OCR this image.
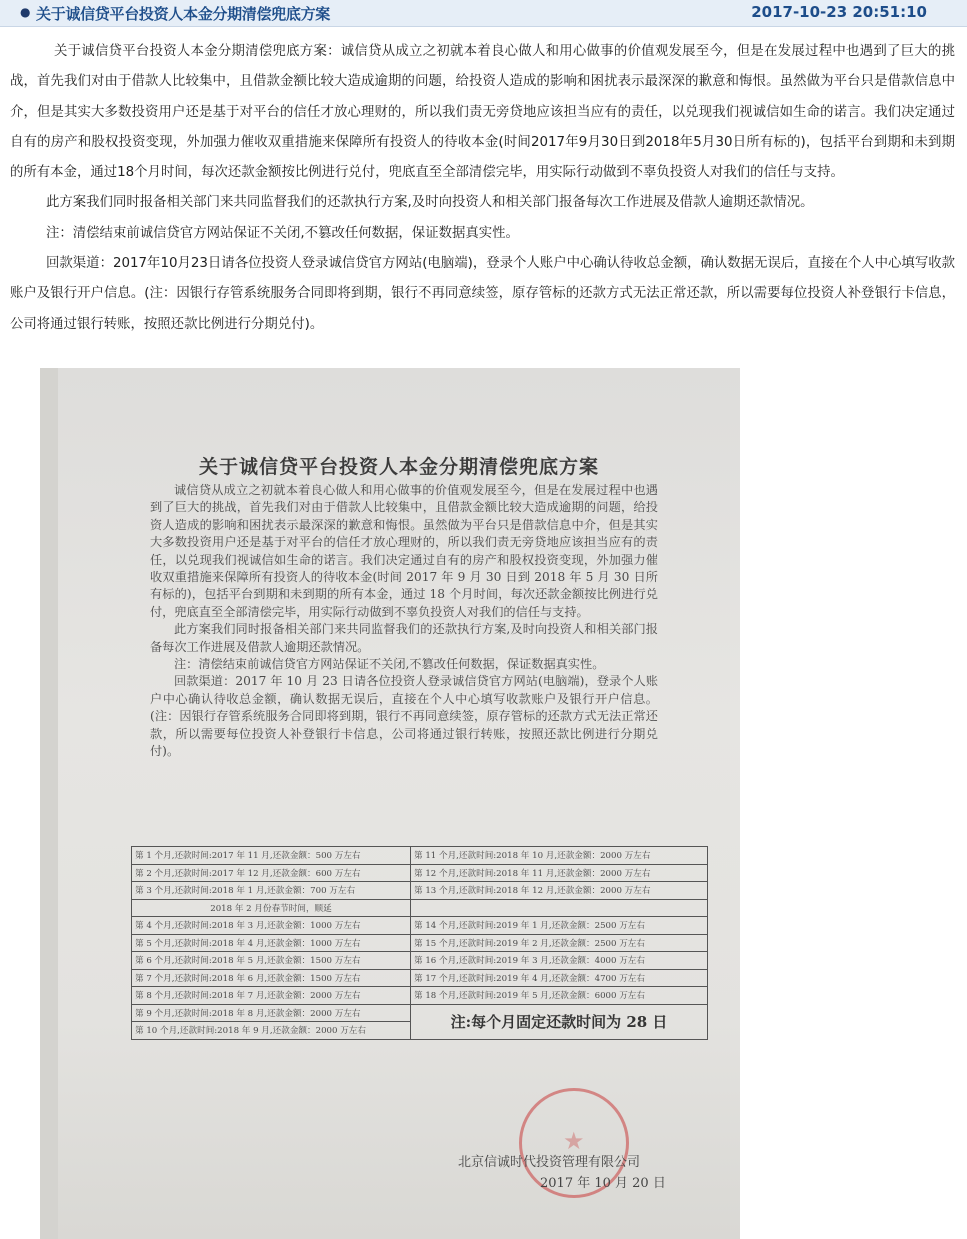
● 关于诚信贷平台投资人本金分期清偿兜底方案	2017-10-23 20:51:10

关于诚信贷平台投资人本金分期清偿兜底方案：诚信贷从成立之初就本着良心做人和用心做事的价值观发展至今，但是在发展过程中也遇到了巨大的挑战，首先我们对由于借款人比较集中，且借款金额比较大造成逾期的问题，给投资人造成的影响和困扰表示最深深的歉意和悔恨。虽然做为平台只是借款信息中介，但是其实大多数投资用户还是基于对平台的信任才放心理财的，所以我们责无旁贷地应该担当应有的责任，以兑现我们视诚信如生命的诺言。我们决定通过自有的房产和股权投资变现，外加强力催收双重措施来保障所有投资人的待收本金(时间2017年9月30日到2018年5月30日所有标的)，包括平台到期和未到期的所有本金，通过18个月时间，每次还款金额按比例进行兑付，兜底直至全部清偿完毕，用实际行动做到不辜负投资人对我们的信任与支持。

此方案我们同时报备相关部门来共同监督我们的还款执行方案,及时向投资人和相关部门报备每次工作进展及借款人逾期还款情况。

注：清偿结束前诚信贷官方网站保证不关闭,不篡改任何数据，保证数据真实性。

回款渠道：2017年10月23日请各位投资人登录诚信贷官方网站(电脑端)，登录个人账户中心确认待收总金额，确认数据无误后，直接在个人中心填写收款账户及银行开户信息。(注：因银行存管系统服务合同即将到期，银行不再同意续签，原存管标的还款方式无法正常还款，所以需要每位投资人补登银行卡信息，公司将通过银行转账，按照还款比例进行分期兑付)。

关于诚信贷平台投资人本金分期清偿兜底方案

诚信贷从成立之初就本着良心做人和用心做事的价值观发展至今，但是在发展过程中也遇到了巨大的挑战，首先我们对由于借款人比较集中，且借款金额比较大造成逾期的问题，给投资人造成的影响和困扰表示最深深的歉意和悔恨。虽然做为平台只是借款信息中介，但是其实大多数投资用户还是基于对平台的信任才放心理财的，所以我们责无旁贷地应该担当应有的责任，以兑现我们视诚信如生命的诺言。我们决定通过自有的房产和股权投资变现，外加强力催收双重措施来保障所有投资人的待收本金(时间 2017 年 9 月 30 日到 2018 年 5 月 30 日所有标的)，包括平台到期和未到期的所有本金，通过 18 个月时间，每次还款金额按比例进行兑付，兜底直至全部清偿完毕，用实际行动做到不辜负投资人对我们的信任与支持。

此方案我们同时报备相关部门来共同监督我们的还款执行方案,及时向投资人和相关部门报备每次工作进展及借款人逾期还款情况。

注：清偿结束前诚信贷官方网站保证不关闭,不篡改任何数据，保证数据真实性。

回款渠道：2017 年 10 月 23 日请各位投资人登录诚信贷官方网站(电脑端)，登录个人账户中心确认待收总金额，确认数据无误后，直接在个人中心填写收款账户及银行开户信息。(注：因银行存管系统服务合同即将到期，银行不再同意续签，原存管标的还款方式无法正常还款，所以需要每位投资人补登银行卡信息，公司将通过银行转账，按照还款比例进行分期兑付)。

第 1 个月,还款时间:2017 年 11 月,还款金额：500 万左右	第 11 个月,还款时间:2018 年 10 月,还款金额：2000 万左右
第 2 个月,还款时间:2017 年 12 月,还款金额：600 万左右	第 12 个月,还款时间:2018 年 11 月,还款金额：2000 万左右
第 3 个月,还款时间:2018 年 1 月,还款金额：700 万左右	第 13 个月,还款时间:2018 年 12 月,还款金额：2000 万左右
2018 年 2 月份春节时间，顺延	
第 4 个月,还款时间:2018 年 3 月,还款金额：1000 万左右	第 14 个月,还款时间:2019 年 1 月,还款金额：2500 万左右
第 5 个月,还款时间:2018 年 4 月,还款金额：1000 万左右	第 15 个月,还款时间:2019 年 2 月,还款金额：2500 万左右
第 6 个月,还款时间:2018 年 5 月,还款金额：1500 万左右	第 16 个月,还款时间:2019 年 3 月,还款金额：4000 万左右
第 7 个月,还款时间:2018 年 6 月,还款金额：1500 万左右	第 17 个月,还款时间:2019 年 4 月,还款金额：4700 万左右
第 8 个月,还款时间:2018 年 7 月,还款金额：2000 万左右	第 18 个月,还款时间:2019 年 5 月,还款金额：6000 万左右
第 9 个月,还款时间:2018 年 8 月,还款金额：2000 万左右	注:每个月固定还款时间为 28 日
第 10 个月,还款时间:2018 年 9 月,还款金额：2000 万左右	
★
北京信诚时代投资管理有限公司
2017 年 10 月 20 日
